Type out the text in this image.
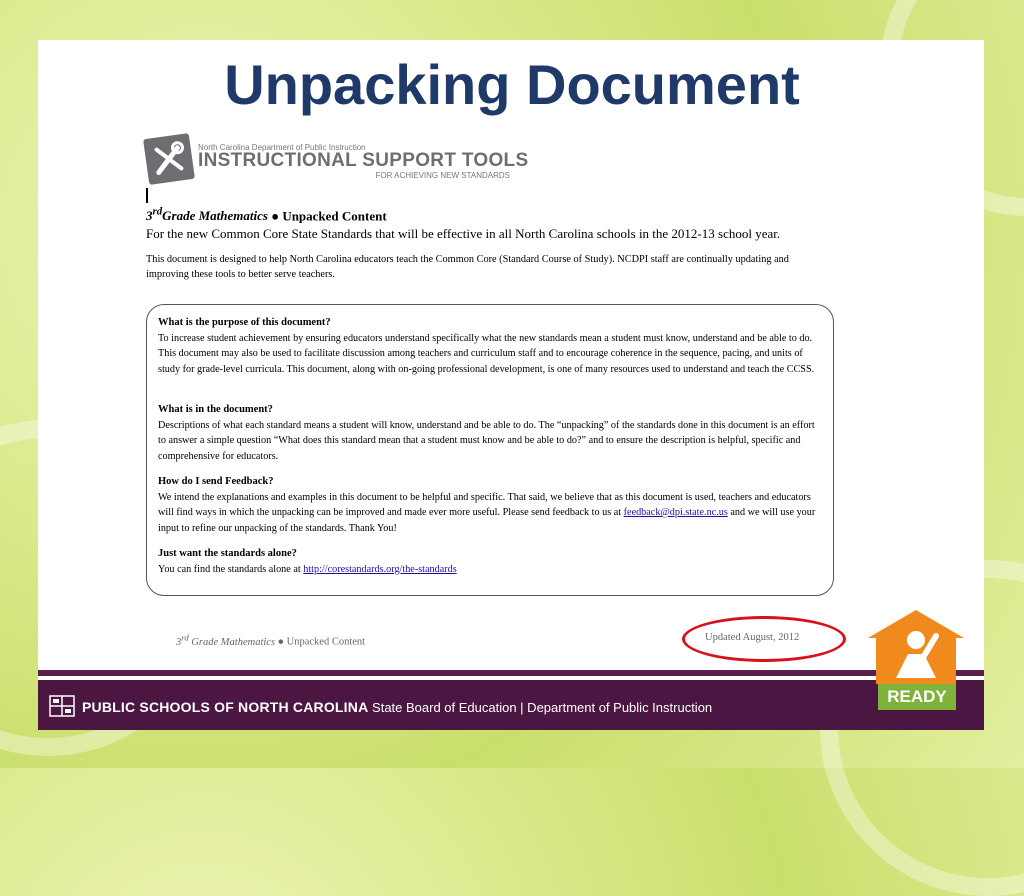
Unpacking Document
North Carolina Department of Public Instruction
INSTRUCTIONAL SUPPORT TOOLS
FOR ACHIEVING NEW STANDARDS
3rdGrade Mathematics ● Unpacked Content
For the new Common Core State Standards that will be effective in all North Carolina schools in the 2012-13 school year.
This document is designed to help North Carolina educators teach the Common Core (Standard Course of Study). NCDPI staff are continually updating and improving these tools to better serve teachers.
What is the purpose of this document?
To increase student achievement by ensuring educators understand specifically what the new standards mean a student must know, understand and be able to do. This document may also be used to facilitate discussion among teachers and curriculum staff and to encourage coherence in the sequence, pacing, and units of study for grade-level curricula. This document, along with on-going professional development, is one of many resources used to understand and teach the CCSS.
What is in the document?
Descriptions of what each standard means a student will know, understand and be able to do. The “unpacking” of the standards done in this document is an effort to answer a simple question “What does this standard mean that a student must know and be able to do?” and to ensure the description is helpful, specific and comprehensive for educators.
How do I send Feedback?
We intend the explanations and examples in this document to be helpful and specific. That said, we believe that as this document is used, teachers and educators will find ways in which the unpacking can be improved and made ever more useful. Please send feedback to us at feedback@dpi.state.nc.us and we will use your input to refine our unpacking of the standards. Thank You!
Just want the standards alone?
You can find the standards alone at http://corestandards.org/the-standards
3rd Grade Mathematics ● Unpacked Content	Updated August, 2012
PUBLIC SCHOOLS OF NORTH CAROLINA State Board of Education | Department of Public Instruction
READY
